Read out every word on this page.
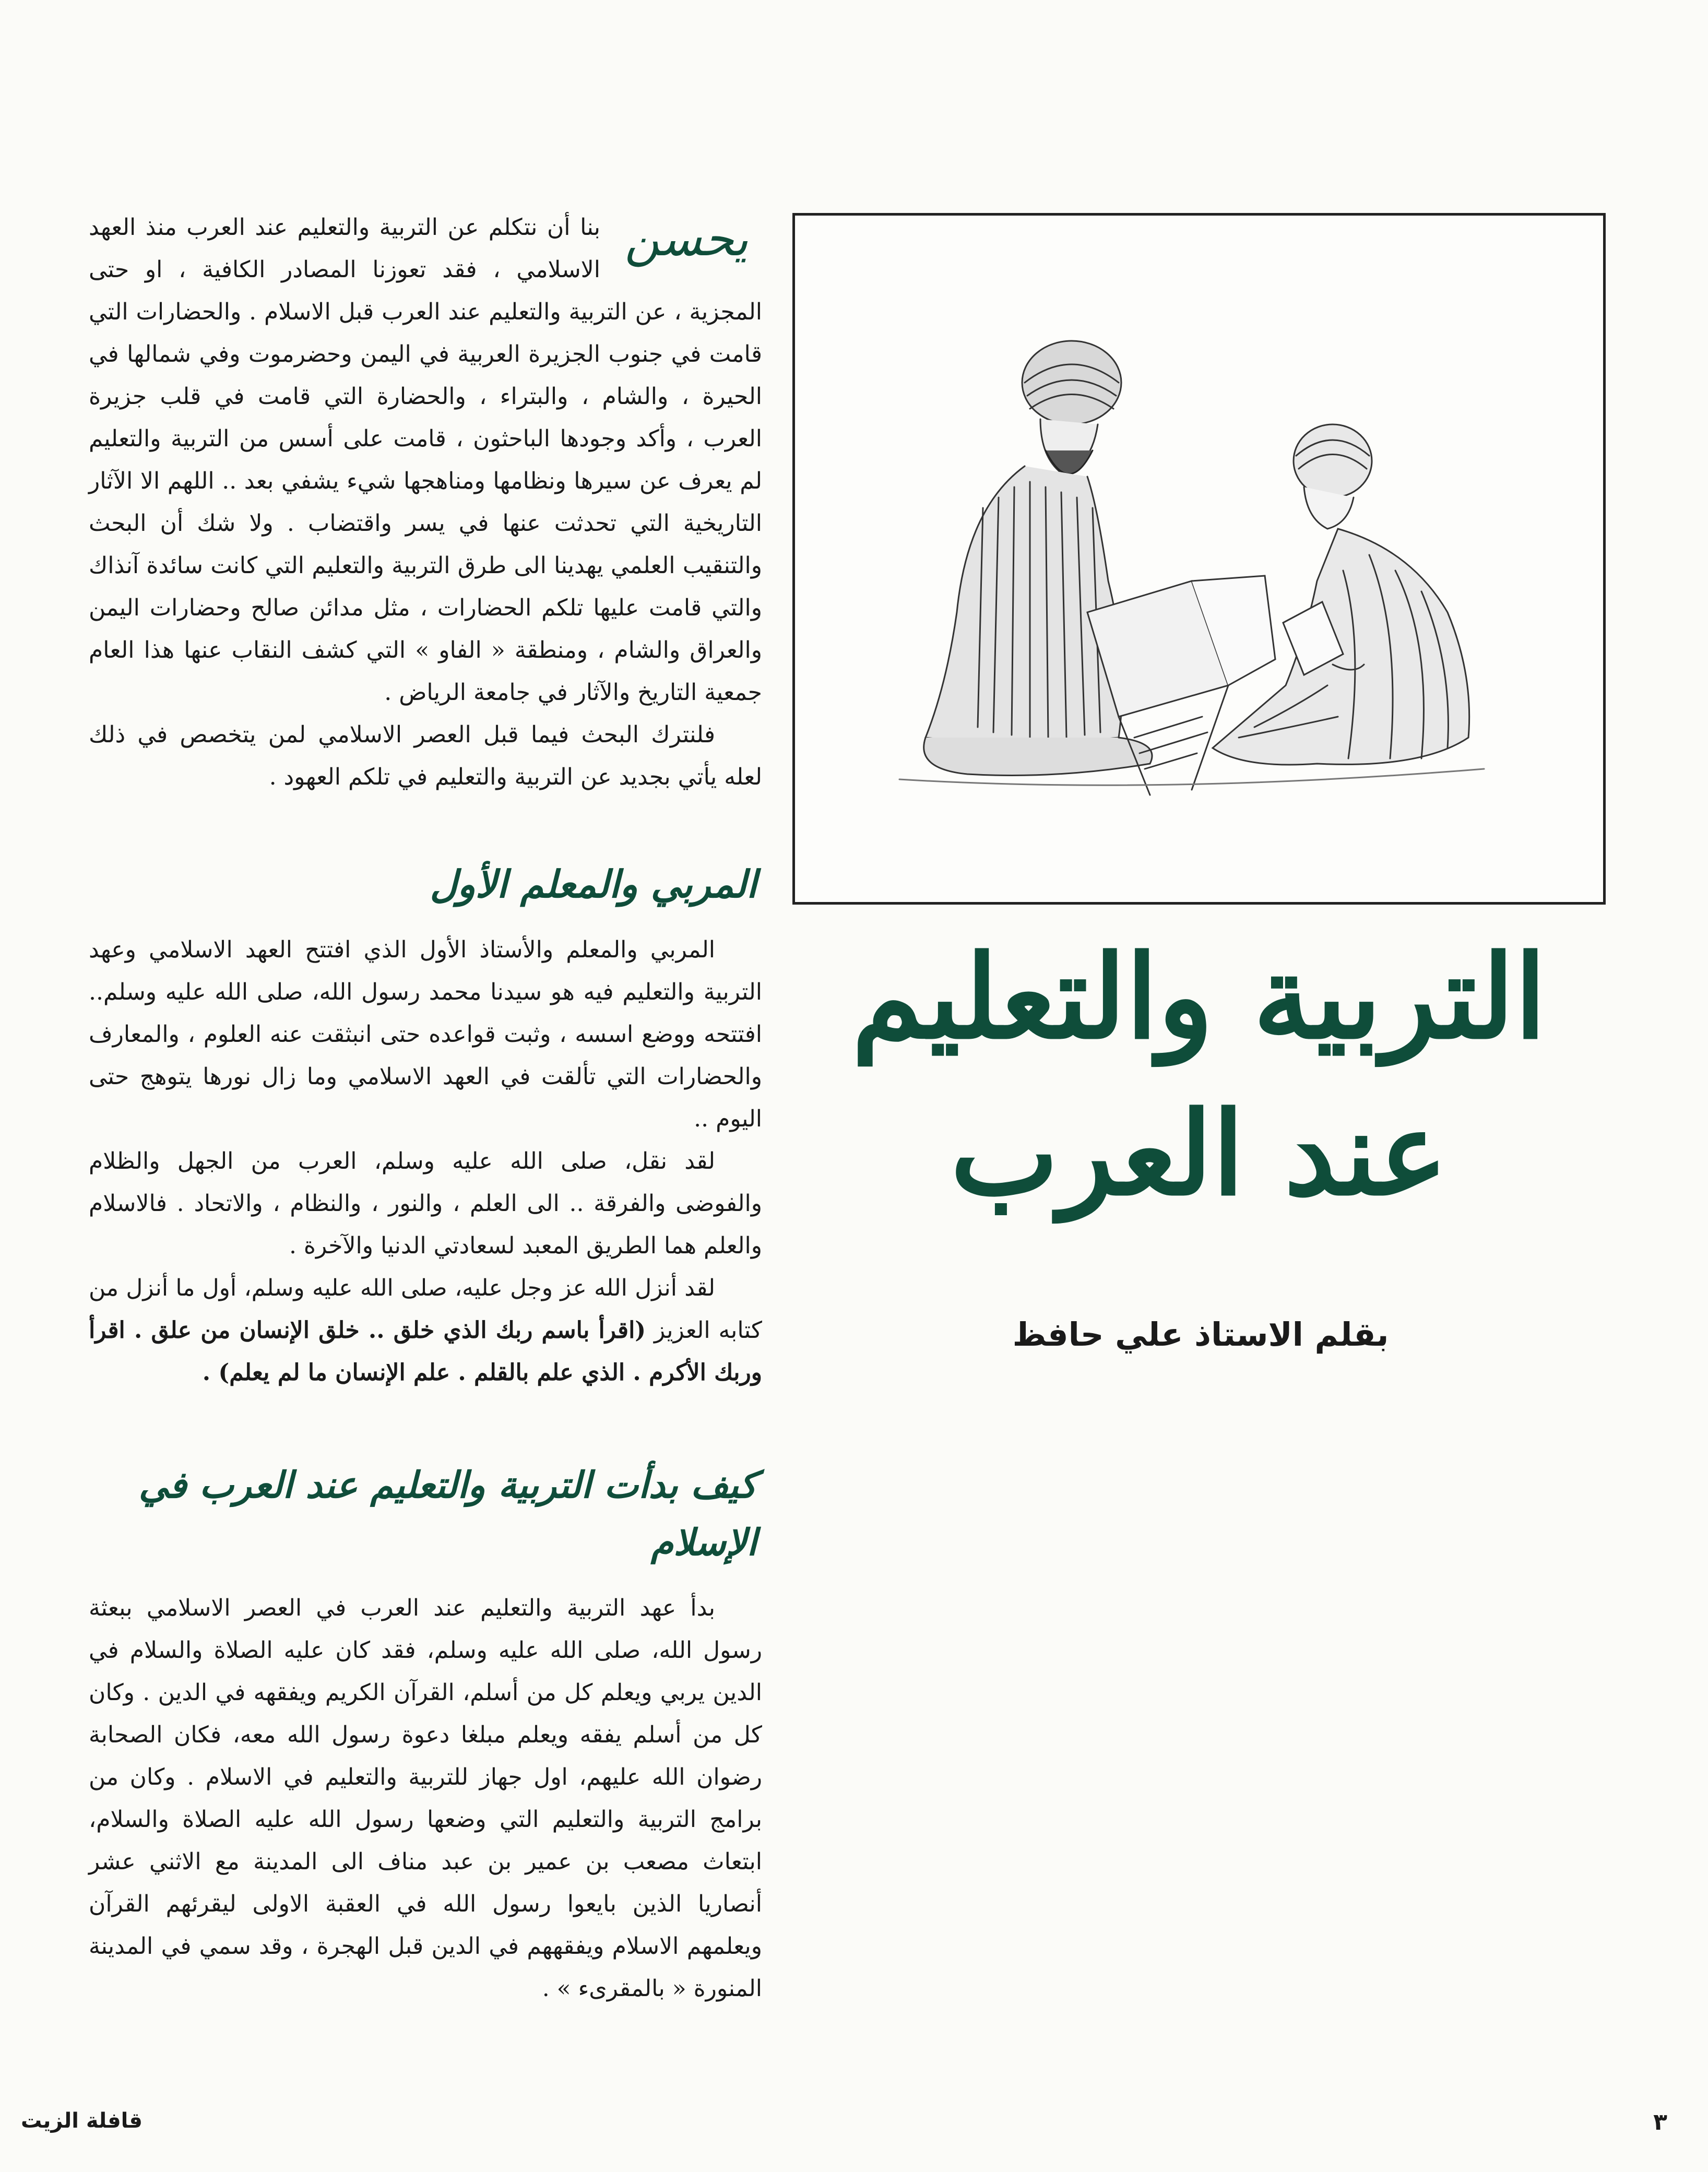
يحسن

بنا أن نتكلم عن التربية والتعليم عند العرب منذ العهد الاسلامي ، فقد تعوزنا المصادر الكافية ، او حتى المجزية ، عن التربية والتعليم عند العرب قبل الاسلام . والحضارات التي قامت في جنوب الجزيرة العربية في اليمن وحضرموت وفي شمالها في الحيرة ، والشام ، والبتراء ، والحضارة التي قامت في قلب جزيرة العرب ، وأكد وجودها الباحثون ، قامت على أسس من التربية والتعليم لم يعرف عن سيرها ونظامها ومناهجها شيء يشفي بعد .. اللهم الا الآثار التاريخية التي تحدثت عنها في يسر واقتضاب . ولا شك أن البحث والتنقيب العلمي يهدينا الى طرق التربية والتعليم التي كانت سائدة آنذاك والتي قامت عليها تلكم الحضارات ، مثل مدائن صالح وحضارات اليمن والعراق والشام ، ومنطقة « الفاو » التي كشف النقاب عنها هذا العام جمعية التاريخ والآثار في جامعة الرياض .

فلنترك البحث فيما قبل العصر الاسلامي لمن يتخصص في ذلك لعله يأتي بجديد عن التربية والتعليم في تلكم العهود .

المربي والمعلم الأول

المربي والمعلم والأستاذ الأول الذي افتتح العهد الاسلامي وعهد التربية والتعليم فيه هو سيدنا محمد رسول الله، صلى الله عليه وسلم.. افتتحه ووضع اسسه ، وثبت قواعده حتى انبثقت عنه العلوم ، والمعارف والحضارات التي تألقت في العهد الاسلامي وما زال نورها يتوهج حتى اليوم ..

لقد نقل، صلى الله عليه وسلم، العرب من الجهل والظلام والفوضى والفرقة .. الى العلم ، والنور ، والنظام ، والاتحاد . فالاسلام والعلم هما الطريق المعبد لسعادتي الدنيا والآخرة .

لقد أنزل الله عز وجل عليه، صلى الله عليه وسلم، أول ما أنزل من كتابه العزيز (اقرأ باسم ربك الذي خلق .. خلق الإنسان من علق . اقرأ وربك الأكرم . الذي علم بالقلم . علم الإنسان ما لم يعلم) .

كيف بدأت التربية والتعليم عند العرب في الإسلام

بدأ عهد التربية والتعليم عند العرب في العصر الاسلامي ببعثة رسول الله، صلى الله عليه وسلم، فقد كان عليه الصلاة والسلام في الدين يربي ويعلم كل من أسلم، القرآن الكريم ويفقهه في الدين . وكان كل من أسلم يفقه ويعلم مبلغا دعوة رسول الله معه، فكان الصحابة رضوان الله عليهم، اول جهاز للتربية والتعليم في الاسلام . وكان من برامج التربية والتعليم التي وضعها رسول الله عليه الصلاة والسلام، ابتعاث مصعب بن عمير بن عبد مناف الى المدينة مع الاثني عشر أنصاريا الذين بايعوا رسول الله في العقبة الاولى ليقرئهم القرآن ويعلمهم الاسلام ويفقههم في الدين قبل الهجرة ، وقد سمي في المدينة المنورة « بالمقرىء » .

التربية والتعليم
عند العرب
بقلم الاستاذ علي حافظ
٣
قافلة الزيت
